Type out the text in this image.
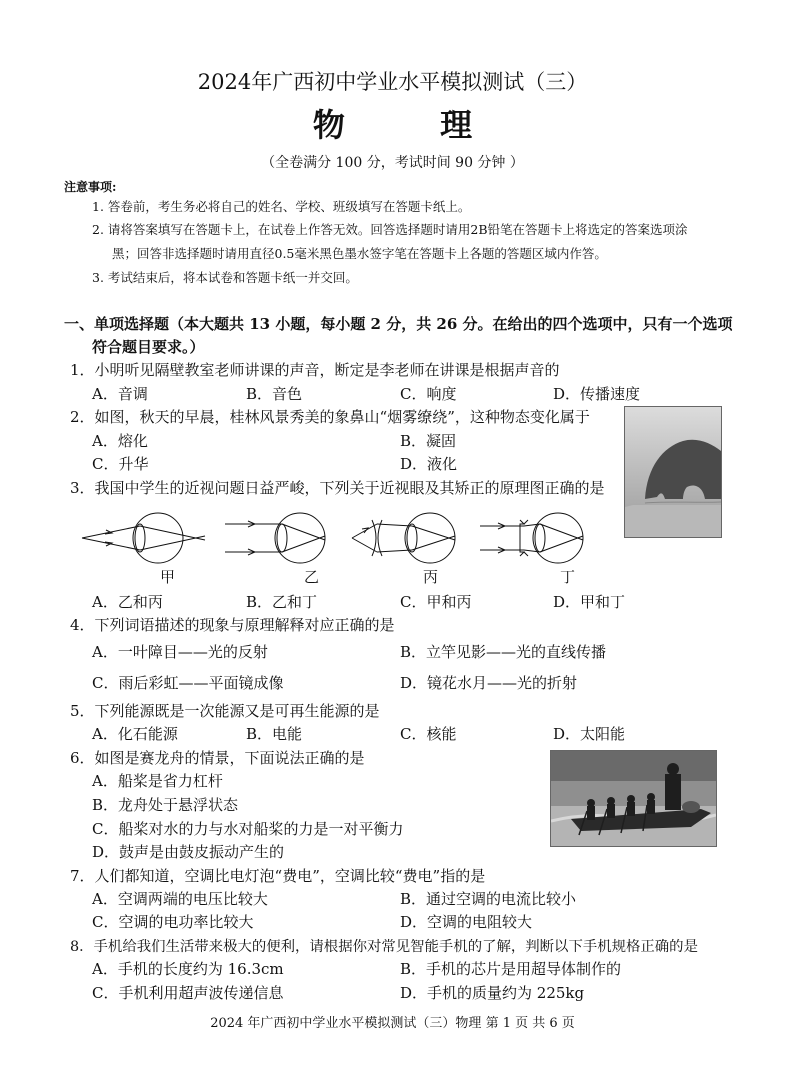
2024年广西初中学业水平模拟测试（三）
物 理
（全卷满分 100 分，考试时间 90 分钟 ）
注意事项:
1. 答卷前，考生务必将自己的姓名、学校、班级填写在答题卡纸上。
2. 请将答案填写在答题卡上，在试卷上作答无效。回答选择题时请用2B铅笔在答题卡上将选定的答案选项涂
黑；回答非选择题时请用直径0.5毫米黑色墨水签字笔在答题卡上各题的答题区域内作答。
3. 考试结束后，将本试卷和答题卡纸一并交回。
一、单项选择题（本大题共 13 小题，每小题 2 分，共 26 分。在给出的四个选项中，只有一个选项
符合题目要求。）
1．小明听见隔壁教室老师讲课的声音，断定是李老师在讲课是根据声音的
A．音调	B．音色	C．响度	D．传播速度
2．如图，秋天的早晨，桂林风景秀美的象鼻山“烟雾缭绕”，这种物态变化属于
A．熔化	B．凝固
C．升华	D．液化
3．我国中学生的近视问题日益严峻，下列关于近视眼及其矫正的原理图正确的是
甲	乙	丙	丁
A．乙和丙	B．乙和丁	C．甲和丙	D．甲和丁
4．下列词语描述的现象与原理解释对应正确的是
A．一叶障目——光的反射	B．立竿见影——光的直线传播
C．雨后彩虹——平面镜成像	D．镜花水月——光的折射
5．下列能源既是一次能源又是可再生能源的是
A．化石能源	B．电能	C．核能	D．太阳能
6．如图是赛龙舟的情景，下面说法正确的是
A．船桨是省力杠杆
B．龙舟处于悬浮状态
C．船桨对水的力与水对船桨的力是一对平衡力
D．鼓声是由鼓皮振动产生的
7．人们都知道，空调比电灯泡“费电”，空调比较“费电”指的是
A．空调两端的电压比较大	B．通过空调的电流比较小
C．空调的电功率比较大	D．空调的电阻较大
8．手机给我们生活带来极大的便利，请根据你对常见智能手机的了解，判断以下手机规格正确的是
A．手机的长度约为 16.3cm	B．手机的芯片是用超导体制作的
C．手机利用超声波传递信息	D．手机的质量约为 225kg
2024 年广西初中学业水平模拟测试（三）物理 第 1 页 共 6 页
